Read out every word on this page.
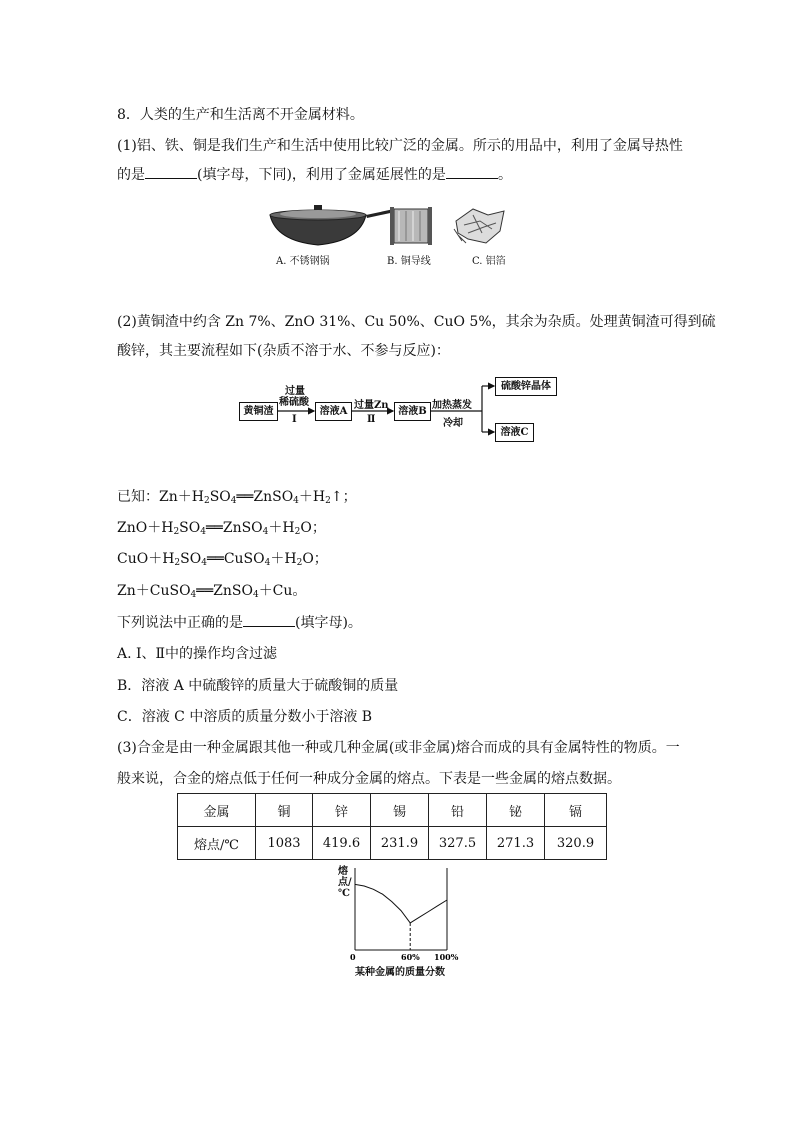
8．人类的生产和生活离不开金属材料。
(1)铝、铁、铜是我们生产和生活中使用比较广泛的金属。所示的用品中，利用了金属导热性
的是	(填字母，下同)，利用了金属延展性的是	。
A. 不锈钢锅	B. 铜导线	C. 铝箔
(2)黄铜渣中约含 Zn 7%、ZnO 31%、Cu 50%、CuO 5%，其余为杂质。处理黄铜渣可得到硫
酸锌，其主要流程如下(杂质不溶于水、不参与反应)：
黄铜渣
过量
稀硫酸
Ⅰ
溶液A
过量Zn
Ⅱ
溶液B
加热蒸发
冷却
硫酸锌晶体
溶液C
已知：$Zn+H_2SO_4══ZnSO_4+H_2↑$；
$ZnO+H_2SO_4══ZnSO_4+H_2O$；
$CuO+H_2SO_4══CuSO_4+H_2O$；
Zn＋CuSO$_4$══ZnSO$_4$＋Cu。
下列说法中正确的是	(填字母)。
A. Ⅰ、Ⅱ中的操作均含过滤
B．溶液 A 中硫酸锌的质量大于硫酸铜的质量
C．溶液 C 中溶质的质量分数小于溶液 B
(3)合金是由一种金属跟其他一种或几种金属(或非金属)熔合而成的具有金属特性的物质。一
般来说，合金的熔点低于任何一种成分金属的熔点。下表是一些金属的熔点数据。
金属	铜	锌	锡	铅	铋	镉
熔点/℃	1083	419.6	231.9	327.5	271.3	320.9
熔点/℃
0	60% 100%
某种金属的质量分数
